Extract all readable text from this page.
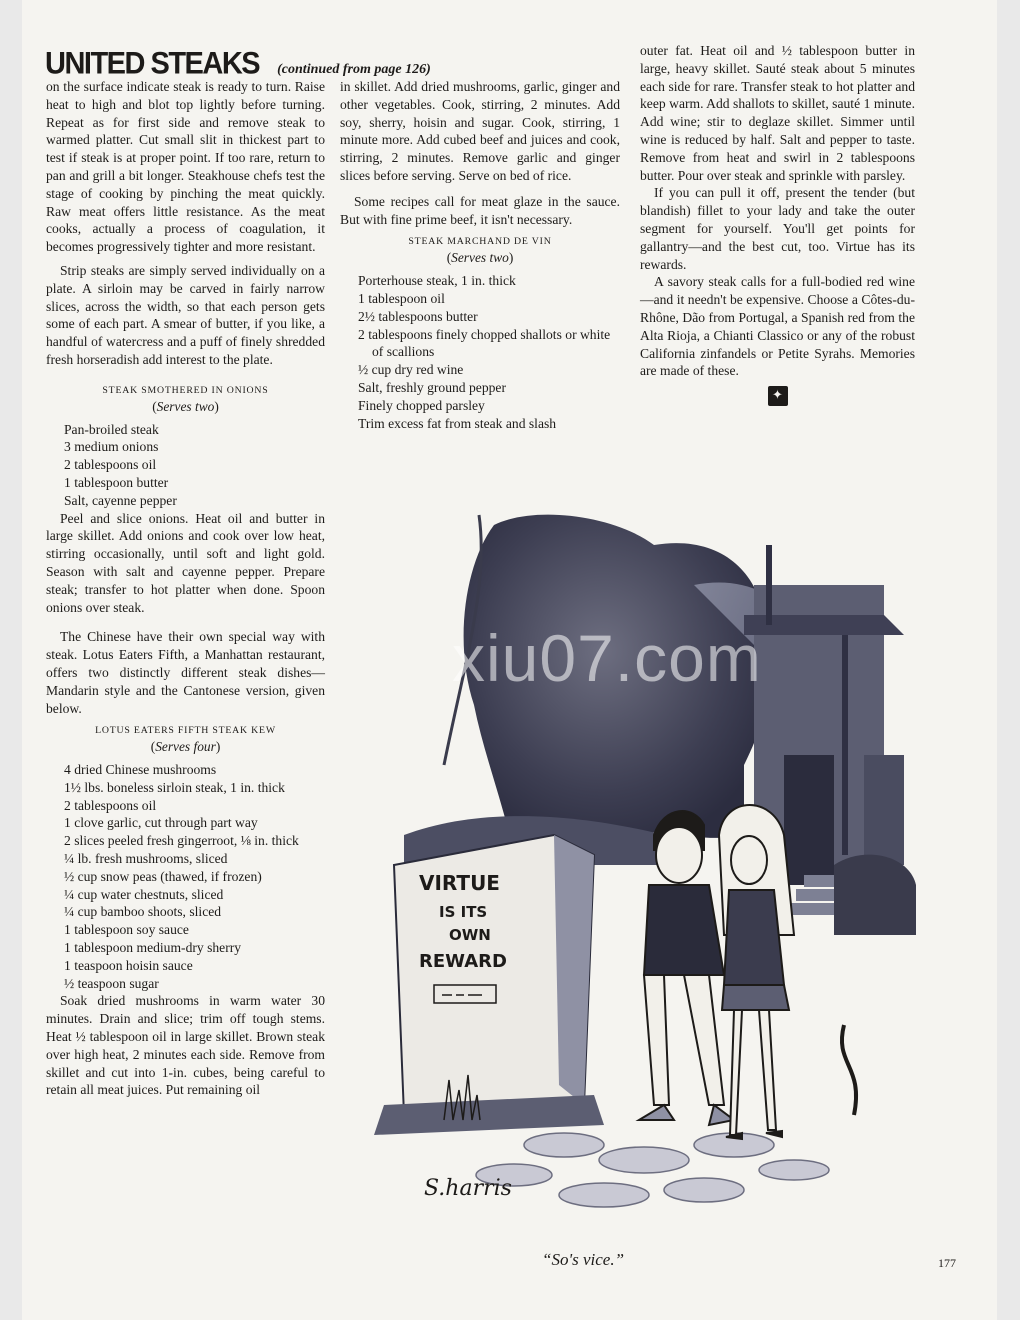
UNITED STEAKS (continued from page 126)

on the surface indicate steak is ready to turn. Raise heat to high and blot top lightly before turning. Repeat as for first side and remove steak to warmed platter. Cut small slit in thickest part to test if steak is at proper point. If too rare, return to pan and grill a bit longer. Steakhouse chefs test the stage of cooking by pinching the meat quickly. Raw meat offers little resistance. As the meat cooks, actually a process of coagulation, it becomes progressively tighter and more resistant.

Strip steaks are simply served individually on a plate. A sirloin may be carved in fairly narrow slices, across the width, so that each person gets some of each part. A smear of butter, if you like, a handful of watercress and a puff of finely shredded fresh horseradish add interest to the plate.

STEAK SMOTHERED IN ONIONS
(Serves two)
Pan-broiled steak
3 medium onions
2 tablespoons oil
1 tablespoon butter
Salt, cayenne pepper

Peel and slice onions. Heat oil and butter in large skillet. Add onions and cook over low heat, stirring occasionally, until soft and light gold. Season with salt and cayenne pepper. Prepare steak; transfer to hot platter when done. Spoon onions over steak.

The Chinese have their own special way with steak. Lotus Eaters Fifth, a Manhattan restaurant, offers two distinctly different steak dishes—Mandarin style and the Cantonese version, given below.

LOTUS EATERS FIFTH STEAK KEW
(Serves four)
4 dried Chinese mushrooms
1½ lbs. boneless sirloin steak, 1 in. thick
2 tablespoons oil
1 clove garlic, cut through part way
2 slices peeled fresh gingerroot, ⅛ in. thick
¼ lb. fresh mushrooms, sliced
½ cup snow peas (thawed, if frozen)
¼ cup water chestnuts, sliced
¼ cup bamboo shoots, sliced
1 tablespoon soy sauce
1 tablespoon medium-dry sherry
1 teaspoon hoisin sauce
½ teaspoon sugar

Soak dried mushrooms in warm water 30 minutes. Drain and slice; trim off tough stems. Heat ½ tablespoon oil in large skillet. Brown steak over high heat, 2 minutes each side. Remove from skillet and cut into 1-in. cubes, being careful to retain all meat juices. Put remaining oil

in skillet. Add dried mushrooms, garlic, ginger and other vegetables. Cook, stirring, 2 minutes. Add soy, sherry, hoisin and sugar. Cook, stirring, 1 minute more. Add cubed beef and juices and cook, stirring, 2 minutes. Remove garlic and ginger slices before serving. Serve on bed of rice.

Some recipes call for meat glaze in the sauce. But with fine prime beef, it isn't necessary.

STEAK MARCHAND DE VIN
(Serves two)
Porterhouse steak, 1 in. thick
1 tablespoon oil
2½ tablespoons butter
2 tablespoons finely chopped shallots or white of scallions
½ cup dry red wine
Salt, freshly ground pepper
Finely chopped parsley

Trim excess fat from steak and slash

outer fat. Heat oil and ½ tablespoon butter in large, heavy skillet. Sauté steak about 5 minutes each side for rare. Transfer steak to hot platter and keep warm. Add shallots to skillet, sauté 1 minute. Add wine; stir to deglaze skillet. Simmer until wine is reduced by half. Salt and pepper to taste. Remove from heat and swirl in 2 tablespoons butter. Pour over steak and sprinkle with parsley.

If you can pull it off, present the tender (but blandish) fillet to your lady and take the outer segment for yourself. You'll get points for gallantry—and the best cut, too. Virtue has its rewards.

A savory steak calls for a full-bodied red wine—and it needn't be expensive. Choose a Côtes-du-Rhône, Dão from Portugal, a Spanish red from the Alta Rioja, a Chianti Classico or any of the robust California zinfandels or Petite Syrahs. Memories are made of these.

✦
VIRTUE
IS ITS
OWN
REWARD
S.harris
xiu07.com
“So's vice.”	177
